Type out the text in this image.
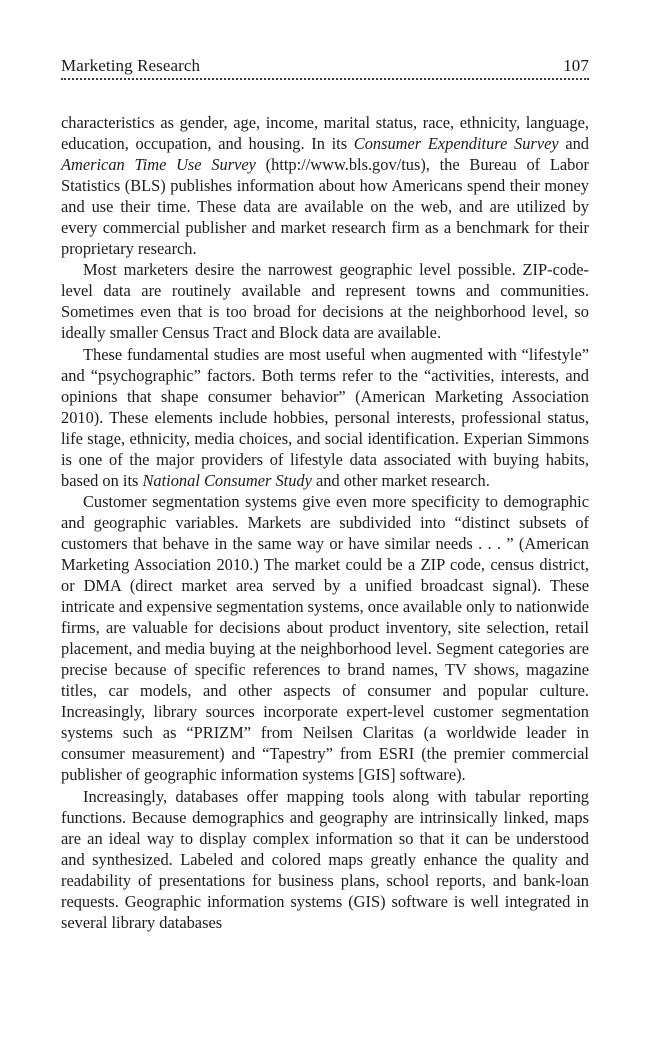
Marketing Research	107

characteristics as gender, age, income, marital status, race, ethnicity, language, education, occupation, and housing. In its Consumer Expenditure Survey and American Time Use Survey (http://www.bls.gov/tus), the Bureau of Labor Statistics (BLS) publishes information about how Americans spend their money and use their time. These data are available on the web, and are utilized by every commercial publisher and market research firm as a benchmark for their proprietary research.

Most marketers desire the narrowest geographic level possible. ZIP-code-level data are routinely available and represent towns and communities. Sometimes even that is too broad for decisions at the neighborhood level, so ideally smaller Census Tract and Block data are available.

These fundamental studies are most useful when augmented with “lifestyle” and “psychographic” factors. Both terms refer to the “activities, interests, and opinions that shape consumer behavior” (American Marketing Association 2010). These elements include hobbies, personal interests, professional status, life stage, ethnicity, media choices, and social identification. Experian Simmons is one of the major providers of lifestyle data associated with buying habits, based on its National Consumer Study and other market research.

Customer segmentation systems give even more specificity to demographic and geographic variables. Markets are subdivided into “distinct subsets of customers that behave in the same way or have similar needs . . . ” (American Marketing Association 2010.) The market could be a ZIP code, census district, or DMA (direct market area served by a unified broadcast signal). These intricate and expensive segmentation systems, once available only to nationwide firms, are valuable for decisions about product inventory, site selection, retail placement, and media buying at the neighborhood level. Segment categories are precise because of specific references to brand names, TV shows, magazine titles, car models, and other aspects of consumer and popular culture. Increasingly, library sources incorporate expert-level customer segmentation systems such as “PRIZM” from Neilsen Claritas (a worldwide leader in consumer measurement) and “Tapestry” from ESRI (the premier commercial publisher of geographic information systems [GIS] software).

Increasingly, databases offer mapping tools along with tabular reporting functions. Because demographics and geography are intrinsically linked, maps are an ideal way to display complex information so that it can be understood and synthesized. Labeled and colored maps greatly enhance the quality and readability of presentations for business plans, school reports, and bank-loan requests. Geographic information systems (GIS) software is well integrated in several library databases
